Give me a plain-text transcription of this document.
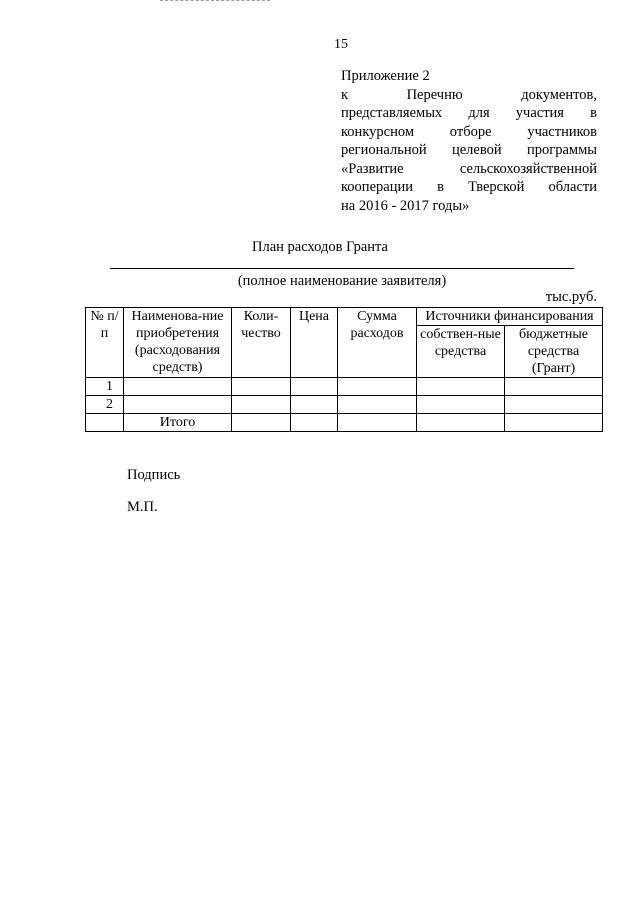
15
Приложение 2
к Перечню документов,
представляемых для участия в
конкурсном отборе участников
региональной целевой программы
«Развитие сельскохозяйственной
кооперации в Тверской области
на 2016 - 2017 годы»
План расходов Гранта
(полное наименование заявителя)
тыс.руб.
№ п/п	Наименова-ние приобретения (расходования средств)	Коли-чество	Цена	Сумма расходов	Источники финансирования	
					собствен-ные средства	бюджетные средства (Грант)
1						
2						
	Итого					
Подпись
М.П.
